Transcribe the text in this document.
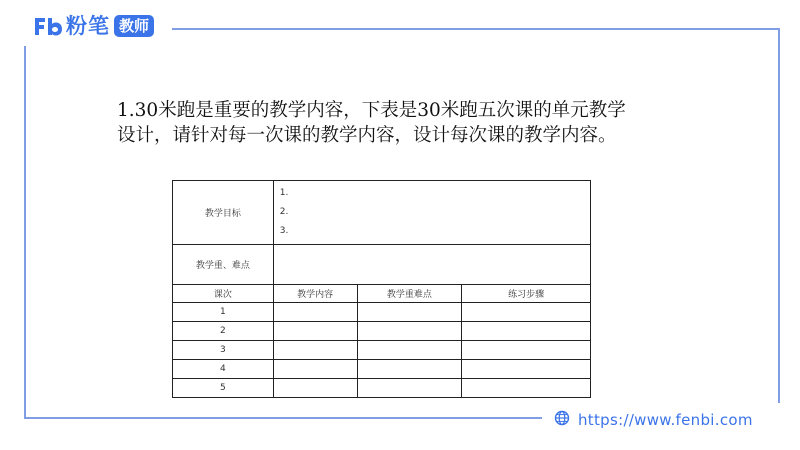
粉笔 教师

1.30米跑是重要的教学内容，下表是30米跑五次课的单元教学

设计，请针对每一次课的教学内容，设计每次课的教学内容。

教学目标	1.
2.
3.		

教学重、难点			
课次	教学内容	教学重难点	练习步骤
1			
2			
3			
4			
5			
https://www.fenbi.com
